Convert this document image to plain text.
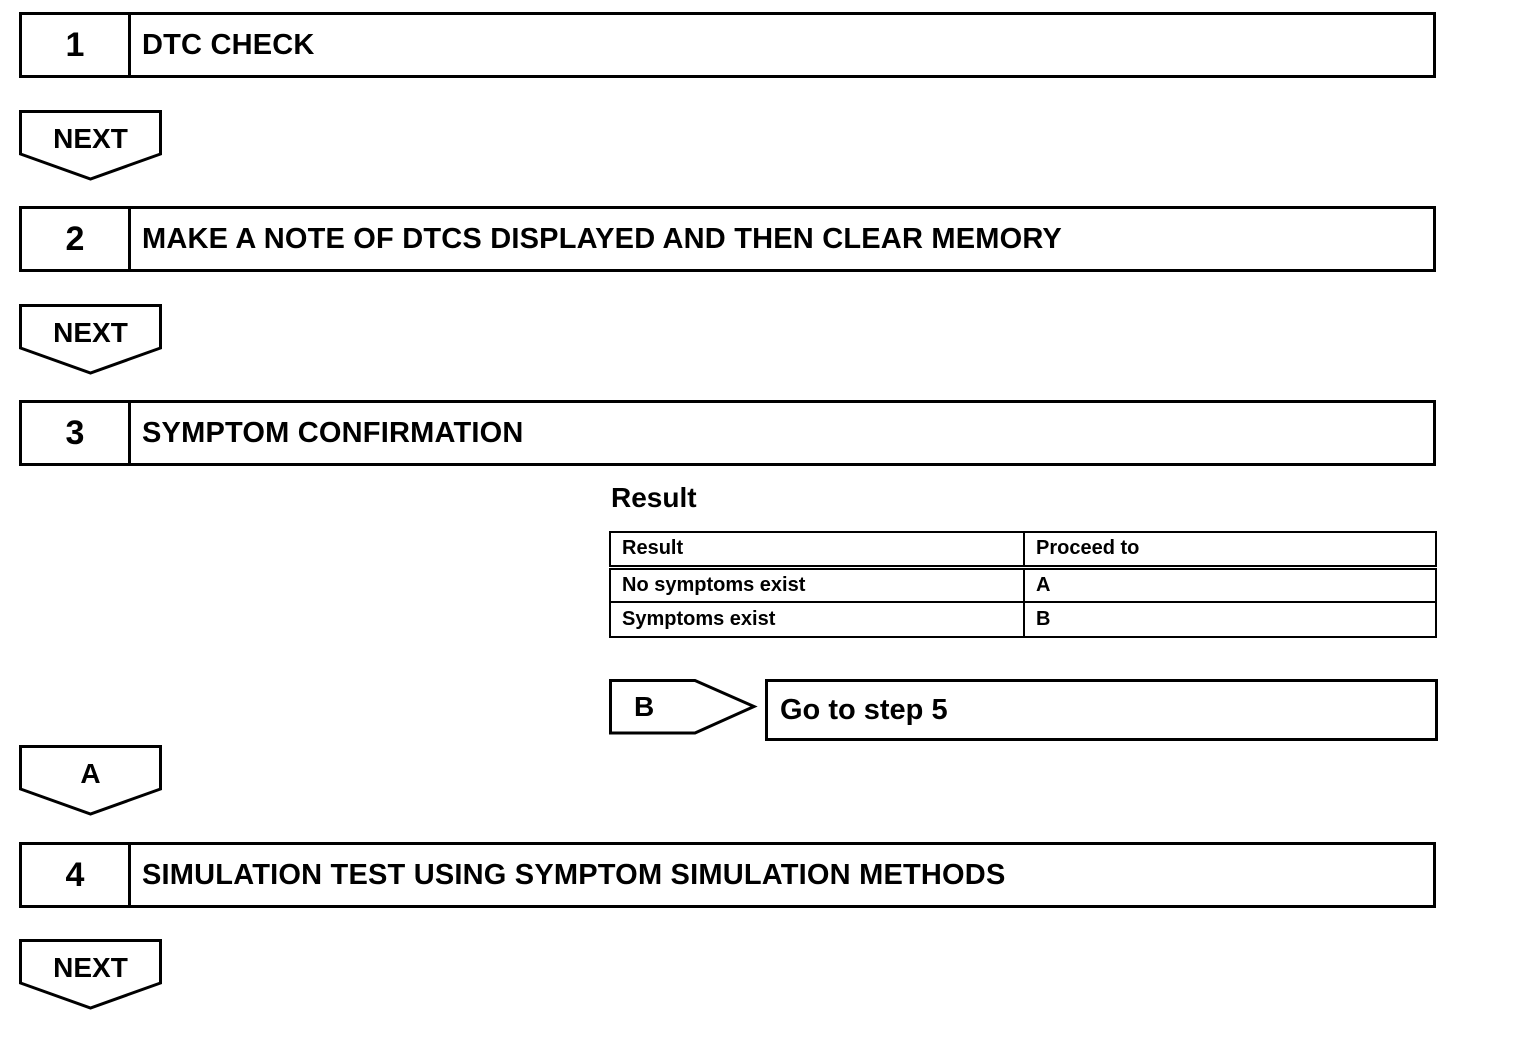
1	DTC CHECK
NEXT
2	MAKE A NOTE OF DTCS DISPLAYED AND THEN CLEAR MEMORY
NEXT
3	SYMPTOM CONFIRMATION
Result
Result	Proceed to
No symptoms exist	A
Symptoms exist	B
B	Go to step 5
A
4	SIMULATION TEST USING SYMPTOM SIMULATION METHODS
NEXT
